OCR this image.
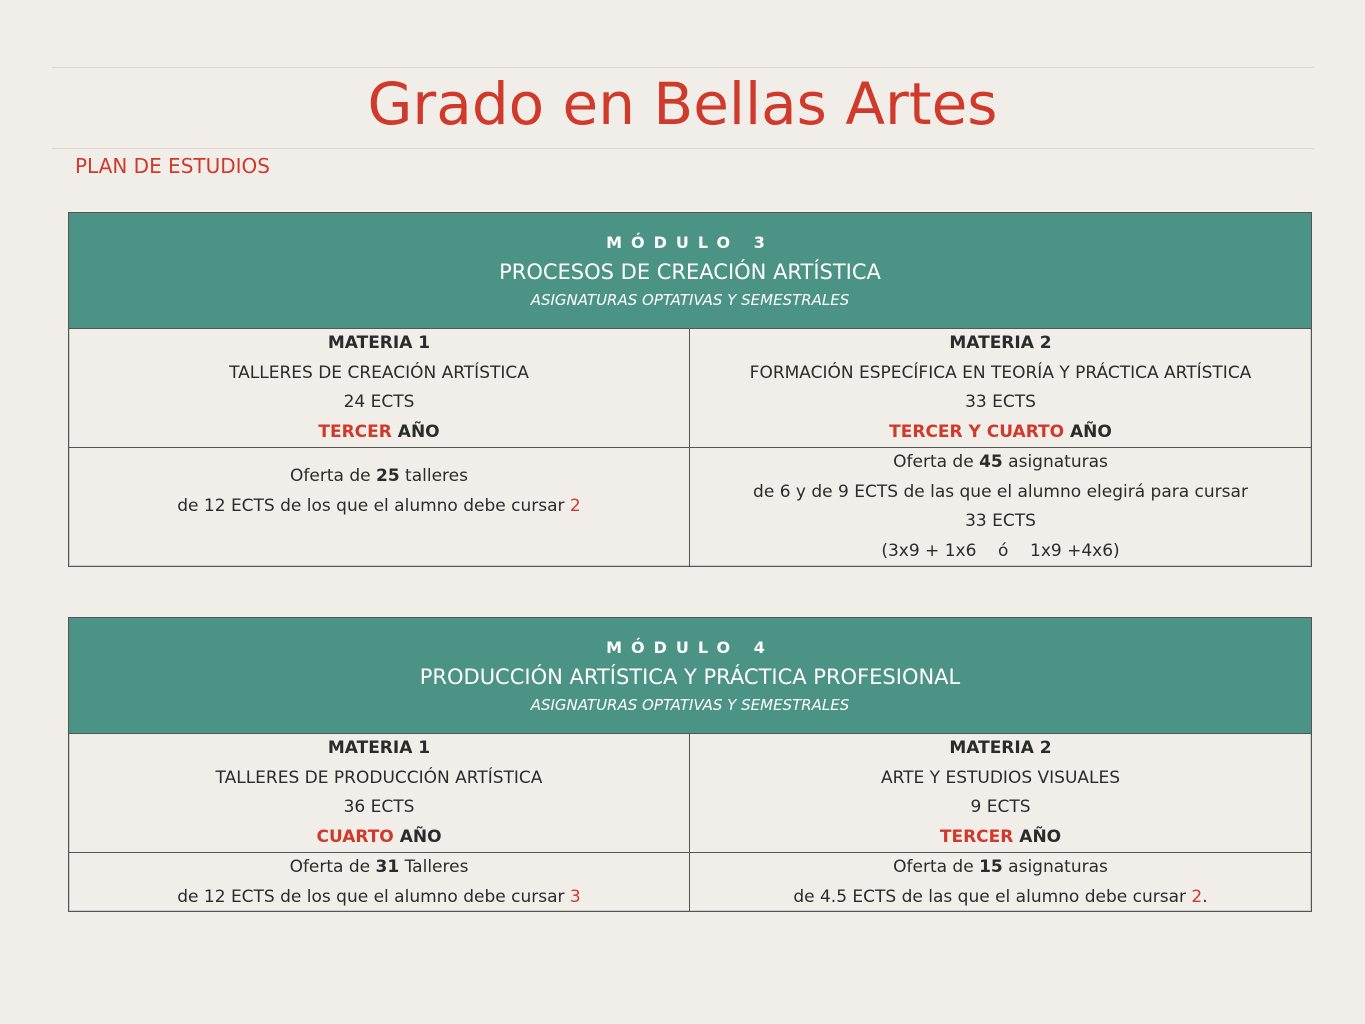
Grado en Bellas Artes
PLAN DE ESTUDIOS
MÓDULO 3
PROCESOS DE CREACIÓN ARTÍSTICA
ASIGNATURAS OPTATIVAS Y SEMESTRALES
MATERIA 1
TALLERES DE CREACIÓN ARTÍSTICA
24 ECTS
TERCER AÑO
MATERIA 2
FORMACIÓN ESPECÍFICA EN TEORÍA Y PRÁCTICA ARTÍSTICA
33 ECTS
TERCER Y CUARTO AÑO
Oferta de 25 talleres
de 12 ECTS de los que el alumno debe cursar 2
Oferta de 45 asignaturas
de 6 y de 9 ECTS de las que el alumno elegirá para cursar
33 ECTS
(3x9 + 1x6    ó    1x9 +4x6)
MÓDULO 4
PRODUCCIÓN ARTÍSTICA Y PRÁCTICA PROFESIONAL
ASIGNATURAS OPTATIVAS Y SEMESTRALES
MATERIA 1
TALLERES DE PRODUCCIÓN ARTÍSTICA
36 ECTS
CUARTO AÑO
MATERIA 2
ARTE Y ESTUDIOS VISUALES
9 ECTS
TERCER AÑO
Oferta de 31 Talleres
de 12 ECTS de los que el alumno debe cursar 3
Oferta de 15 asignaturas
de 4.5 ECTS de las que el alumno debe cursar 2.
